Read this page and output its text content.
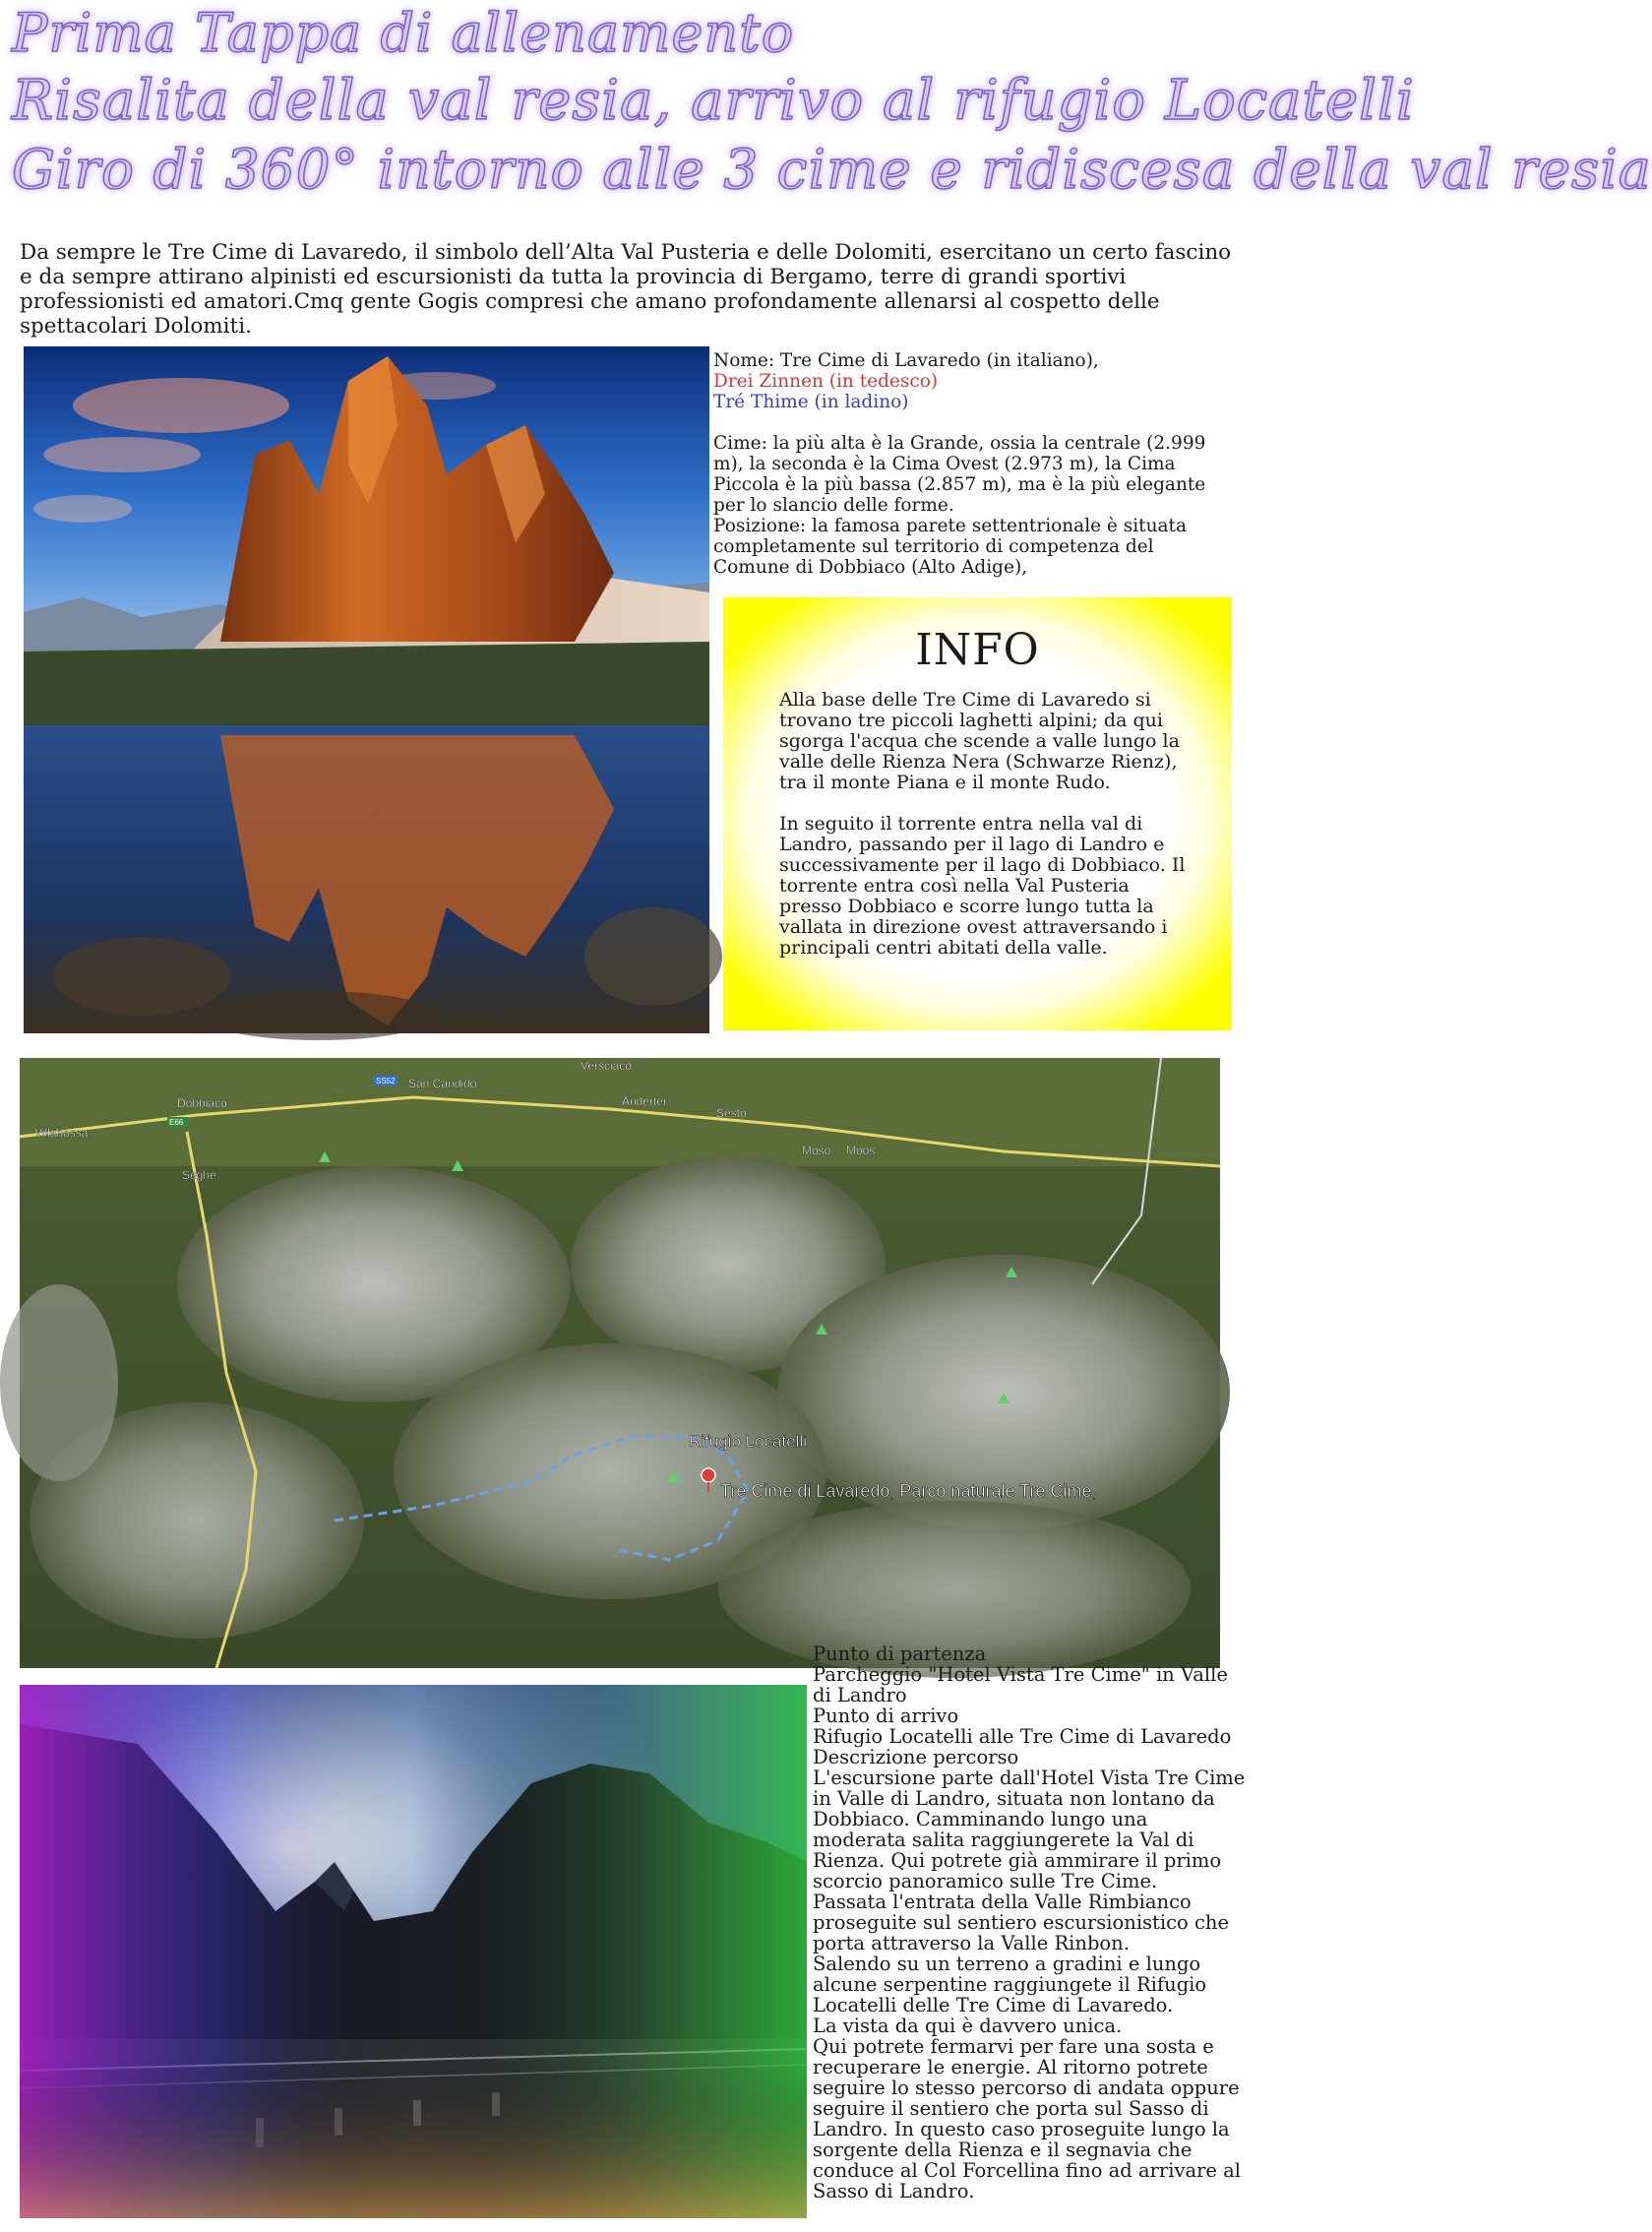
Prima Tappa di allenamento
Risalita della val resia, arrivo al rifugio Locatelli
Giro di 360° intorno alle 3 cime e ridiscesa della val resia

Da sempre le Tre Cime di Lavaredo, il simbolo dell’Alta Val Pusteria e delle Dolomiti, esercitano un certo fascino e da sempre attirano alpinisti ed escursionisti da tutta la provincia di Bergamo, terre di grandi sportivi professionisti ed amatori.Cmq gente Gogis compresi che amano profondamente allenarsi al cospetto delle spettacolari Dolomiti.

Nome: Tre Cime di Lavaredo (in italiano),

Drei Zinnen (in tedesco)

Tré Thime (in ladino)

Cime: la più alta è la Grande, ossia la centrale (2.999 m), la seconda è la Cima Ovest (2.973 m), la Cima Piccola è la più bassa (2.857 m), ma è la più elegante per lo slancio delle forme.

Posizione: la famosa parete settentrionale è situata completamente sul territorio di competenza del Comune di Dobbiaco (Alto Adige),

INFO

Alla base delle Tre Cime di Lavaredo si trovano tre piccoli laghetti alpini; da qui sgorga l'acqua che scende a valle lungo la valle delle Rienza Nera (Schwarze Rienz), tra il monte Piana e il monte Rudo.

In seguito il torrente entra nella val di Landro, passando per il lago di Landro e successivamente per il lago di Dobbiaco. Il torrente entra così nella Val Pusteria presso Dobbiaco e scorre lungo tutta la vallata in direzione ovest attraversando i principali centri abitati della valle.

Versciaco
Dobbiaco
San Candido
Anderter
Sesto
Villabassa
Moso Moos
Seghe
SS52
E66
Rifugio Locatelli
Tre Cime di Lavaredo, Parco naturale Tre Cime,

Punto di partenza
Parcheggio "Hotel Vista Tre Cime" in Valle di Landro
Punto di arrivo
Rifugio Locatelli alle Tre Cime di Lavaredo
Descrizione percorso
L'escursione parte dall'Hotel Vista Tre Cime in Valle di Landro, situata non lontano da Dobbiaco. Camminando lungo una moderata salita raggiungerete la Val di Rienza. Qui potrete già ammirare il primo scorcio panoramico sulle Tre Cime.
Passata l'entrata della Valle Rimbianco proseguite sul sentiero escursionistico che porta attraverso la Valle Rinbon.
Salendo su un terreno a gradini e lungo alcune serpentine raggiungete il Rifugio Locatelli delle Tre Cime di Lavaredo.
La vista da qui è davvero unica.
Qui potrete fermarvi per fare una sosta e recuperare le energie. Al ritorno potrete seguire lo stesso percorso di andata oppure seguire il sentiero che porta sul Sasso di Landro. In questo caso proseguite lungo la sorgente della Rienza e il segnavia che conduce al Col Forcellina fino ad arrivare al Sasso di Landro.
